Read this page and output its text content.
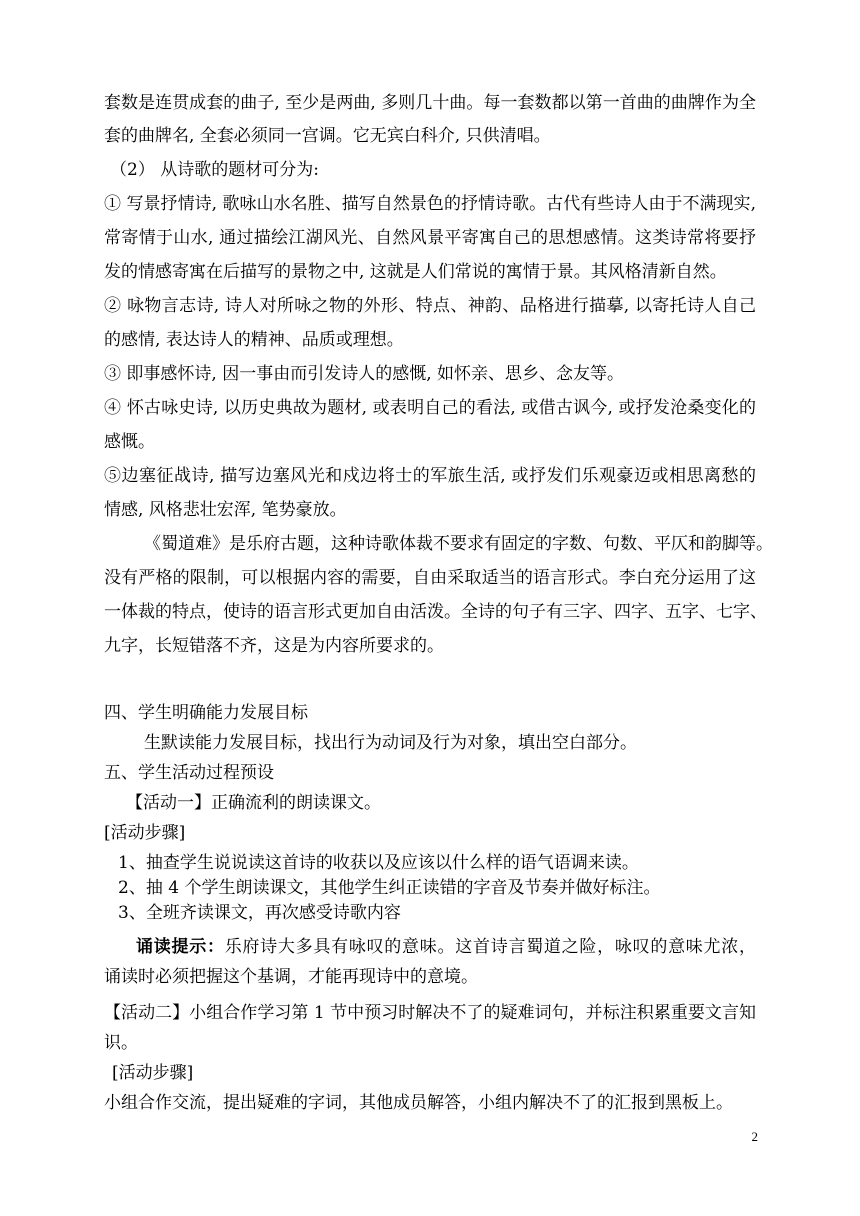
套数是连贯成套的曲子, 至少是两曲, 多则几十曲。每一套数都以第一首曲的曲牌作为全
套的曲牌名, 全套必须同一宫调。它无宾白科介, 只供清唱。
（2） 从诗歌的题材可分为:
① 写景抒情诗, 歌咏山水名胜、描写自然景色的抒情诗歌。古代有些诗人由于不满现实,
常寄情于山水, 通过描绘江湖风光、自然风景平寄寓自己的思想感情。这类诗常将要抒
发的情感寄寓在后描写的景物之中, 这就是人们常说的寓情于景。其风格清新自然。
② 咏物言志诗, 诗人对所咏之物的外形、特点、神韵、品格进行描摹, 以寄托诗人自己
的感情, 表达诗人的精神、品质或理想。
③ 即事感怀诗, 因一事由而引发诗人的感慨, 如怀亲、思乡、念友等。
④ 怀古咏史诗, 以历史典故为题材, 或表明自己的看法, 或借古讽今, 或抒发沧桑变化的
感慨。
⑤边塞征战诗, 描写边塞风光和戍边将士的军旅生活, 或抒发们乐观豪迈或相思离愁的
情感, 风格悲壮宏浑, 笔势豪放。
《蜀道难》是乐府古题，这种诗歌体裁不要求有固定的字数、句数、平仄和韵脚等。
没有严格的限制，可以根据内容的需要，自由采取适当的语言形式。李白充分运用了这
一体裁的特点，使诗的语言形式更加自由活泼。全诗的句子有三字、四字、五字、七字、
九字，长短错落不齐，这是为内容所要求的。
四、学生明确能力发展目标
生默读能力发展目标，找出行为动词及行为对象，填出空白部分。
五、学生活动过程预设
【活动一】正确流利的朗读课文。
[活动步骤]
1、抽查学生说说读这首诗的收获以及应该以什么样的语气语调来读。
2、抽 4 个学生朗读课文，其他学生纠正读错的字音及节奏并做好标注。
3、全班齐读课文，再次感受诗歌内容
诵读提示：乐府诗大多具有咏叹的意味。这首诗言蜀道之险，咏叹的意味尤浓，
诵读时必须把握这个基调，才能再现诗中的意境。
【活动二】小组合作学习第 1 节中预习时解决不了的疑难词句，并标注积累重要文言知
识。
[活动步骤]
小组合作交流，提出疑难的字词，其他成员解答，小组内解决不了的汇报到黑板上。
2
